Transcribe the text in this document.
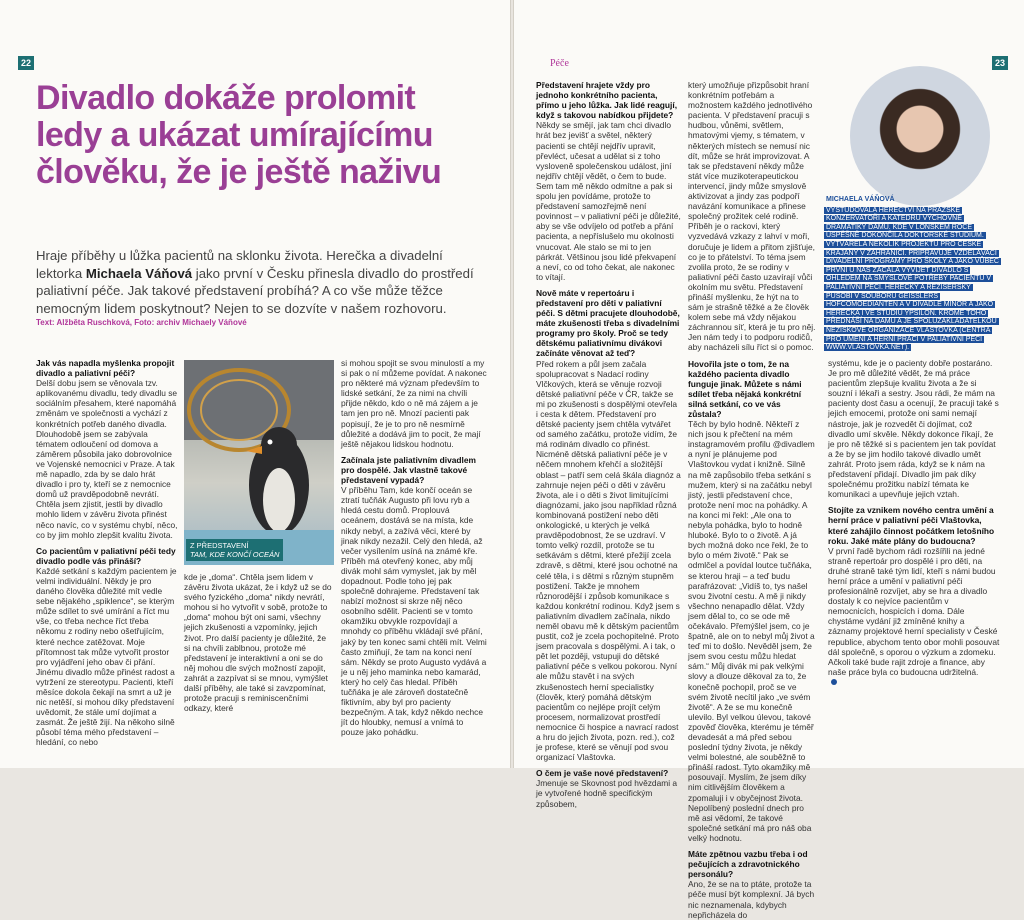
22
Divadlo dokáže prolomit ledy a ukázat umírajícímu člověku, že je ještě naživu

Hraje příběhy u lůžka pacientů na sklonku života. Herečka a divadelní lektorka Michaela Váňová jako první v Česku přinesla divadlo do prostředí paliativní péče. Jak takové představení probíhá? A co vše může těžce nemocným lidem poskytnout? Nejen to se dozvíte v našem rozhovoru.

Text: Alžběta Ruschková, Foto: archiv Michaely Váňové

Jak vás napadla myšlenka propojit divadlo a paliativní péči?

Delší dobu jsem se věnovala tzv. aplikovanému divadlu, tedy divadlu se sociálním přesahem, které napomáhá změnám ve společnosti a vychází z konkrétních potřeb daného divadla. Dlouhodobě jsem se zabývala tématem odloučení od domova a záměrem působila jako dobrovolnice ve Vojenské nemocnici v Praze. A tak mě napadlo, zda by se dalo hrát divadlo i pro ty, kteří se z nemocnice domů už pravděpodobně nevrátí. Chtěla jsem zjistit, jestli by divadlo mohlo lidem v závěru života přinést něco navíc, co v systému chybí, něco, co by jim mohlo zlepšit kvalitu života.

Co pacientům v paliativní péči tedy divadlo podle vás přináší?

Každé setkání s každým pacientem je velmi individuální. Někdy je pro daného člověka důležité mít vedle sebe nějakého „spiklence“, se kterým může sdílet to své umírání a říct mu vše, co třeba nechce říct třeba někomu z rodiny nebo ošetřujícím, které nechce zatěžovat. Moje přítomnost tak může vytvořit prostor pro vyjádření jeho obav či přání. Jinému divadlo může přinést radost a vytržení ze stereotypu. Pacienti, kteří měsíce dokola čekají na smrt a už je nic netěší, si mohou díky představení uvědomit, že stále umí dojímat a zasmát. Že ještě žijí. Na někoho silně působí téma mého představení – hledání, co nebo

Z PŘEDSTAVENÍ
TAM, KDE KONČÍ OCEÁN

kde je „doma“. Chtěla jsem lidem v závěru života ukázat, že i když už se do svého fyzického „doma“ nikdy nevrátí, mohou si ho vytvořit v sobě, protože to „doma“ mohou být oni sami, všechny jejich zkušenosti a vzpomínky, jejich život. Pro další pacienty je důležité, že si na chvíli zablbnou, protože mé představení je interaktivní a oni se do něj mohou dle svých možností zapojit, zahrát a zazpívat si se mnou, vymýšlet další příběhy, ale také si zavzpomínat, protože pracuji s reminiscenčními odkazy, které

si mohou spojit se svou minulostí a my si pak o ní můžeme povídat. A nakonec pro některé má význam především to lidské setkání, že za nimi na chvíli přijde někdo, kdo o ně má zájem a je tam jen pro ně. Mnozí pacienti pak popisují, že je to pro ně nesmírně důležité a dodává jim to pocit, že mají ještě nějakou lidskou hodnotu.

Začínala jste paliativním divadlem pro dospělé. Jak vlastně takové představení vypadá?

V příběhu Tam, kde končí oceán se ztratí tučňák Augusto při lovu ryb a hledá cestu domů. Proplouvá oceánem, dostává se na místa, kde nikdy nebyl, a zažívá věci, které by jinak nikdy nezažil. Celý den hledá, až večer vysílením usíná na známé kře. Příběh má otevřený konec, aby můj divák mohl sám vymyslet, jak by měl dopadnout. Podle toho jej pak společně dohrajeme. Představení tak nabízí možnost si skrze něj něco osobního sdělit. Pacienti se v tomto okamžiku obvykle rozpovídají a mnohdy co příběhu vkládají své přání, jaký by ten konec sami chtěli mít. Velmi často zmiňují, že tam na konci není sám. Někdy se proto Augusto vydává a je u něj jeho maminka nebo kamarád, který ho celý čas hledal. Příběh tučňáka je ale zároveň dostatečně fiktivním, aby byl pro pacienty bezpečným. A tak, když někdo nechce jít do hloubky, nemusí a vnímá to pouze jako pohádku.

Péče	23

Představení hrajete vždy pro jednoho konkrétního pacienta, přímo u jeho lůžka. Jak lidé reagují, když s takovou nabídkou přijdete?

Někdy se smějí, jak tam chci divadlo hrát bez jevišť a světel, některý pacienti se chtějí nejdřív upravit, převléct, učesat a udělat si z toho vysloveně společenskou událost, jiní nejdřív chtějí vědět, o čem to bude. Sem tam mě někdo odmítne a pak si spolu jen povídáme, protože to představení samozřejmě není povinnost – v paliativní péči je důležité, aby se vše odvíjelo od potřeb a přání pacienta, a nepříslušelo mu okolnosti vnucovat. Ale stalo se mi to jen párkrát. Většinou jsou lidé překvapení a neví, co od toho čekat, ale nakonec to vítají.

Nově máte v repertoáru i představení pro děti v paliativní péči. S dětmi pracujete dlouhodobě, máte zkušenosti třeba s divadelními programy pro školy. Proč se tedy dětskému paliativnímu divákovi začínáte věnovat až teď?

Před rokem a půl jsem začala spolupracovat s Nadací rodiny Vlčkových, která se věnuje rozvoji dětské paliativní péče v ČR, takže se mi po zkušenosti s dospělými otevřela i cesta k dětem. Představení pro dětské pacienty jsem chtěla vytvářet od samého začátku, protože vidím, že má rodinám divadlo co přinést. Nicméně dětská paliativní péče je v něčem mnohem křehčí a složitější oblast – patří sem celá škála diagnóz a zahrnuje nejen péči o děti v závěru života, ale i o děti s život limitujícími diagnózami, jako jsou například různá kombinovaná postižení nebo děti onkologické, u kterých je velká pravděpodobnost, že se uzdraví. V tomto velký rozdíl, protože se tu setkávám s dětmi, které přežijí zcela zdravě, s dětmi, které jsou ochotné na celé těla, i s dětmi s různým stupněm postižení. Takže je mnohem různorodější i způsob komunikace s každou konkrétní rodinou. Když jsem s paliativním divadlem začínala, nikdo neměl obavu mě k dětským pacientům pustit, což je zcela pochopitelné. Proto jsem pracovala s dospělými. A i tak, o pět let později, vstupuji do dětské paliativní péče s velkou pokorou. Nyní ale můžu stavět i na svých zkušenostech herní specialistky (člověk, který pomáhá dětským pacientům co nejlépe projít celým procesem, normalizovat prostředí nemocnice či hospice a navrací radost a hru do jejich života, pozn. red.), což je profese, které se věnují pod svou organizací Vlaštovka.

O čem je vaše nové představení?

Jmenuje se Skovnost pod hvězdami a je vytvořené hodně specifickým způsobem,

který umožňuje přizpůsobit hraní konkrétním potřebám a možnostem každého jednotlivého pacienta. V představení pracuji s hudbou, vůněmi, světlem, hmatovými vjemy, s tématem, v některých místech se nemusí nic dít, může se hrát improvizovat. A tak se představení někdy může stát více muzikoterapeutickou intervencí, jindy může smyslově aktivizovat a jindy zas podpoří navázání komunikace a přinese společný prožitek celé rodině. Příběh je o rackovi, který vyzvedává vzkazy z lahví v moři, doručuje je lidem a přitom zjišťuje, co je to přátelství. To téma jsem zvolila proto, že se rodiny v paliativní péči často uzavírají vůči okolním mu světu. Představení přináší myšlenku, že hýt na to sám je strašně těžké a že člověk kolem sebe má vždy nějakou záchrannou síť, která je tu pro něj. Jen nám tedy i to podporu rodičů, aby nacházeli sílu říct si o pomoc.

Hovořila jste o tom, že na každého pacienta divadlo funguje jinak. Můžete s námi sdílet třeba nějaká konkrétní silná setkání, co ve vás zůstala?

Těch by bylo hodně. Někteří z nich jsou k přečtení na mém instagramovém profilu @divadlem a nyní je plánujeme pod Vlaštovkou vydat i knižně. Silně na mě zapůsobilo třeba setkání s mužem, který si na začátku nebyl jistý, jestli představení chce, protože není moc na pohádky. A na konci mi řekl: „Ale ona to nebyla pohádka, bylo to hodně hluboké. Bylo to o životě. A já bych možná doko nce řekl, že to bylo o mém životě.“ Pak se odmlčel a povídal loutce tučňáka, se kterou hraji – a teď budu parafrázovat: „Vidíš to, tys našel svou životní cestu. A mě ji nikdy všechno nenapadlo dělat. Vždy jsem dělal to, co se ode mě očekávalo. Přemýšlel jsem, co je špatně, ale on to nebyl můj život a teď mi to došlo. Nevěděl jsem, že jsem svou cestu můžu hledat sám.“ Můj divák mi pak velkými slovy a dlouze děkoval za to, že konečně pochopil, proč se ve svém životě necítil jako „ve svém životě“. A že se mu konečně ulevilo. Byl velkou úlevou, takové zpověď člověka, kterému je téměř devadesát a má před sebou poslední týdny života, je někdy velmi bolestné, ale souběžně to přináší radost. Tyto okamžiky mě posouvají. Myslím, že jsem díky nim citlivějším člověkem a zpomaluji i v obyčejnost života. Nepolíbený poslední dnech pro mě asi vědomí, že takové společné setkání má pro náš oba velký hodnotu.

Máte zpětnou vazbu třeba i od pečujících a zdravotnického personálu?

Ano, že se na to ptáte, protože ta péče musí být komplexní. Já bych nic neznamenala, kdybych nepřicházela do

MICHAELA VÁŇOVÁ
VYSTUDOVALA HERECTVÍ NA PRAŽSKÉ KONZERVATOŘI A KATEDRU VÝCHOVNÉ DRAMATIKY DAMU. KDE V LOŇSKÉM ROCE ÚSPĚŠNĚ DOKONČILA DOKTORSKÉ STUDIUM. VYTVÁŘELA NĚKOLIK PROJEKTŮ PRO ČESKÉ KRAJANY V ZAHRANIČÍ. PŘIPRAVUJE VZDĚLÁVACÍ DIVADELNÍ PROGRAMY PRO ŠKOLY A JAKO VŮBEC PRVNÍ U NÁS ZAČALA VYVÍJET DIVADLO S OHLEDEM NA SMYSLOVÉ POTŘEBY PACIENTŮ V PALIATIVNÍ PÉČI. HERECKÝ A REŽISÉRSKÝ PŮSOBÍ V SOUBORU GEISSLERS HOFCOMOEDIANTEN A V DIVADLE MINOR A JAKO HEREČKA I VE STUDIU YPSILON. KROMĚ TOHO PŘEDNÁŠÍ NA DAMU A JE SPOLUZAKLADATELKOU NEZISKOVÉ ORGANIZACE VLAŠTOVKA (CENTRA PRO UMĚNÍ A HERNÍ PRÁCI V PALIATIVNÍ PÉČI WWW.VLASTOVKA.NET).

systému, kde je o pacienty dobře postaráno. Je pro mě důležité vědět, že má práce pacientům zlepšuje kvalitu života a že si souzní i lékaři a sestry. Jsou rádi, že mám na pacienty dost času a ocenují, že pracuji také s jejich emocemi, protože oni sami nemají nástroje, jak je rozvedět či dojímat, což divadlo umí skvěle. Někdy dokonce říkají, že je pro ně těžké si s pacientem jen tak povídat a že by se jim hodilo takové divadlo umět zahrát. Proto jsem ráda, když se k nám na představení přidají. Divadlo jim pak díky společnému prožitku nabízí témata ke komunikaci a upevňuje jejich vztah.

Stojíte za vznikem nového centra umění a herní práce v paliativní péči Vlaštovka, které zahájilo činnost počátkem letošního roku. Jaké máte plány do budoucna?

V první řadě bychom rádi rozšířili na jedné straně repertoár pro dospělé i pro děti, na druhé straně také tým lidí, kteří s námi budou herní práce a umění v paliativní péči profesionálně rozvíjet, aby se hra a divadlo dostaly k co nejvíce pacientům v nemocnicích, hospicích i doma. Dále chystáme vydání již zmíněné knihy a záznamy projektové herní specialisty v České republice, abychom tento obor mohli posouvat dál společně, s oporou o výzkum a zdomeku. Ačkoli také bude rajit zdroje a finance, aby naše práce byla co budoucna udržitelná.
